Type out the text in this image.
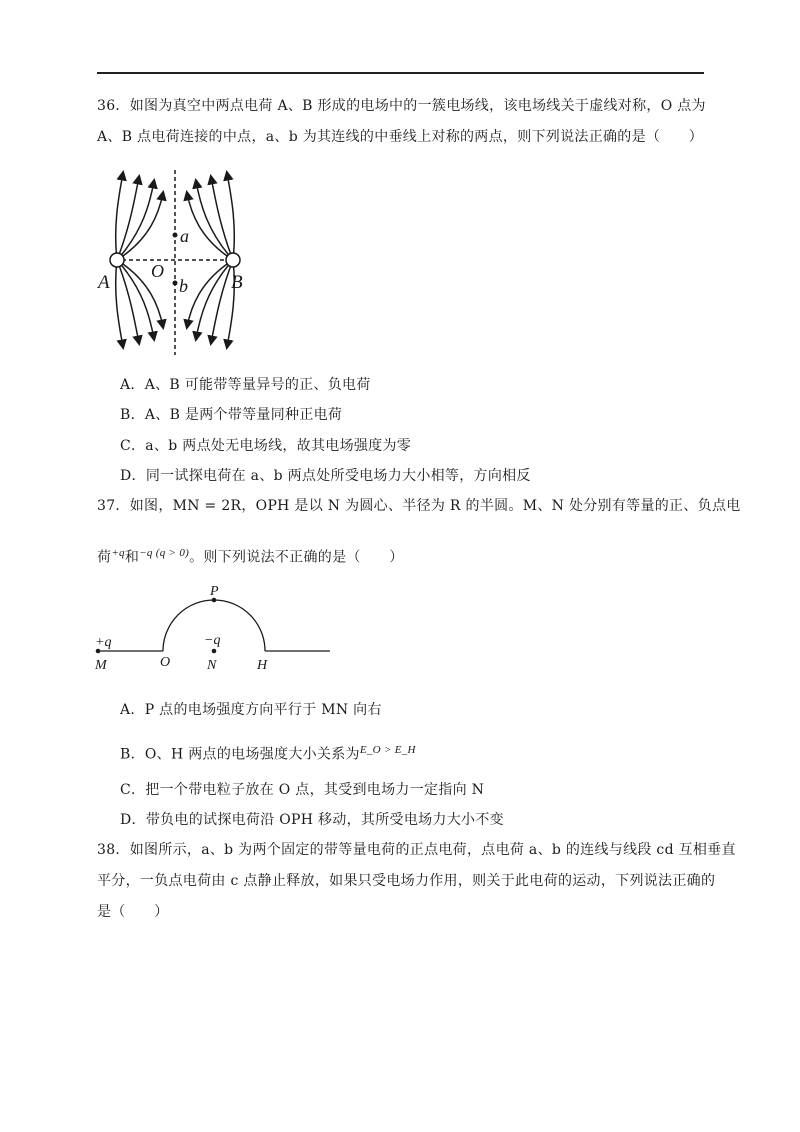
36．如图为真空中两点电荷 A、B 形成的电场中的一簇电场线，该电场线关于虚线对称，O 点为
A、B 点电荷连接的中点，a、b 为其连线的中垂线上对称的两点，则下列说法正确的是（　　）
A	B
O
a
b
A．A、B 可能带等量异号的正、负电荷
B．A、B 是两个带等量同种正电荷
C．a、b 两点处无电场线，故其电场强度为零
D．同一试探电荷在 a、b 两点处所受电场力大小相等，方向相反
37．如图，MN = 2R，OPH 是以 N 为圆心、半径为 R 的半圆。M、N 处分别有等量的正、负点电
荷$^{+q}$和$^{-q (q > 0)}$。则下列说法不正确的是（　　）
P
+q	−q
M	O	N	H
A．P 点的电场强度方向平行于 MN 向右
B．O、H 两点的电场强度大小关系为$^{E\_O > E\_H}$
C．把一个带电粒子放在 O 点，其受到电场力一定指向 N
D．带负电的试探电荷沿 OPH 移动，其所受电场力大小不变
38．如图所示，a、b 为两个固定的带等量电荷的正点电荷，点电荷 a、b 的连线与线段 cd 互相垂直
平分，一负点电荷由 c 点静止释放，如果只受电场力作用，则关于此电荷的运动，下列说法正确的
是（　　）
